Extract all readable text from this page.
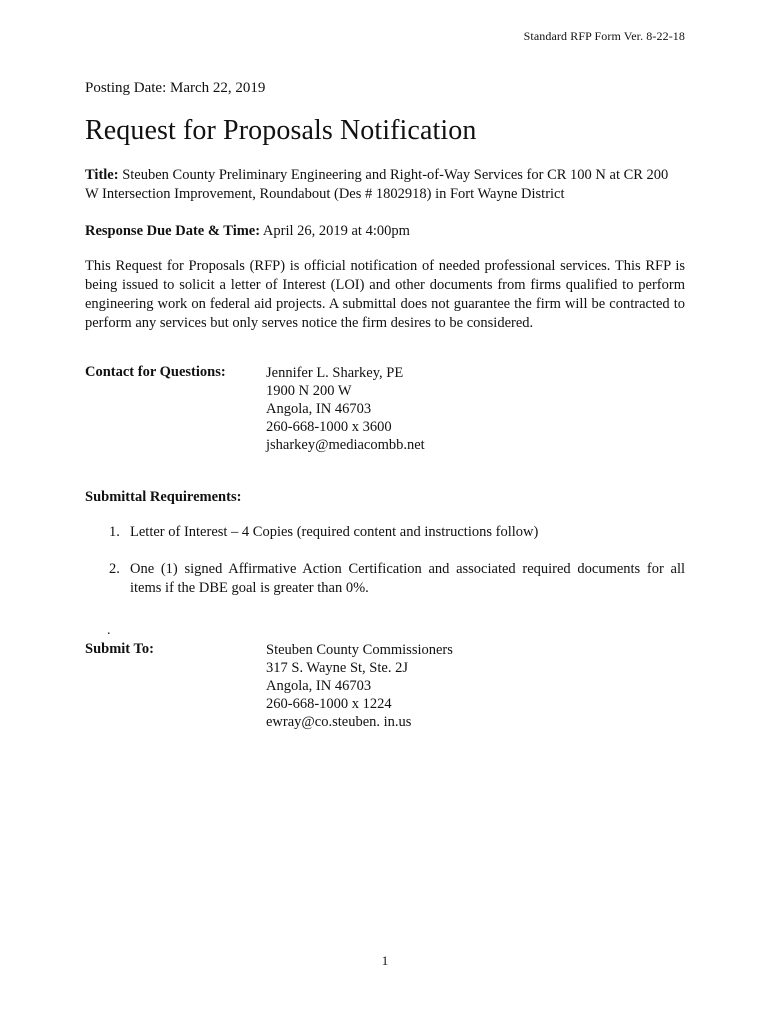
Standard RFP Form Ver. 8-22-18
Posting Date: March 22, 2019
Request for Proposals Notification
Title: Steuben County Preliminary Engineering and Right-of-Way Services for CR 100 N at CR 200 W Intersection Improvement, Roundabout (Des # 1802918) in Fort Wayne District
Response Due Date & Time: April 26, 2019 at 4:00pm
This Request for Proposals (RFP) is official notification of needed professional services. This RFP is being issued to solicit a letter of Interest (LOI) and other documents from firms qualified to perform engineering work on federal aid projects. A submittal does not guarantee the firm will be contracted to perform any services but only serves notice the firm desires to be considered.
Contact for Questions:	Jennifer L. Sharkey, PE
1900 N 200 W
Angola, IN 46703
260-668-1000 x 3600
jsharkey@mediacombb.net
Submittal Requirements:
1. Letter of Interest – 4 Copies (required content and instructions follow)
2. One (1) signed Affirmative Action Certification and associated required documents for all items if the DBE goal is greater than 0%.
.
Submit To:	Steuben County Commissioners
317 S. Wayne St, Ste. 2J
Angola, IN 46703
260-668-1000 x 1224
ewray@co.steuben. in.us
1
